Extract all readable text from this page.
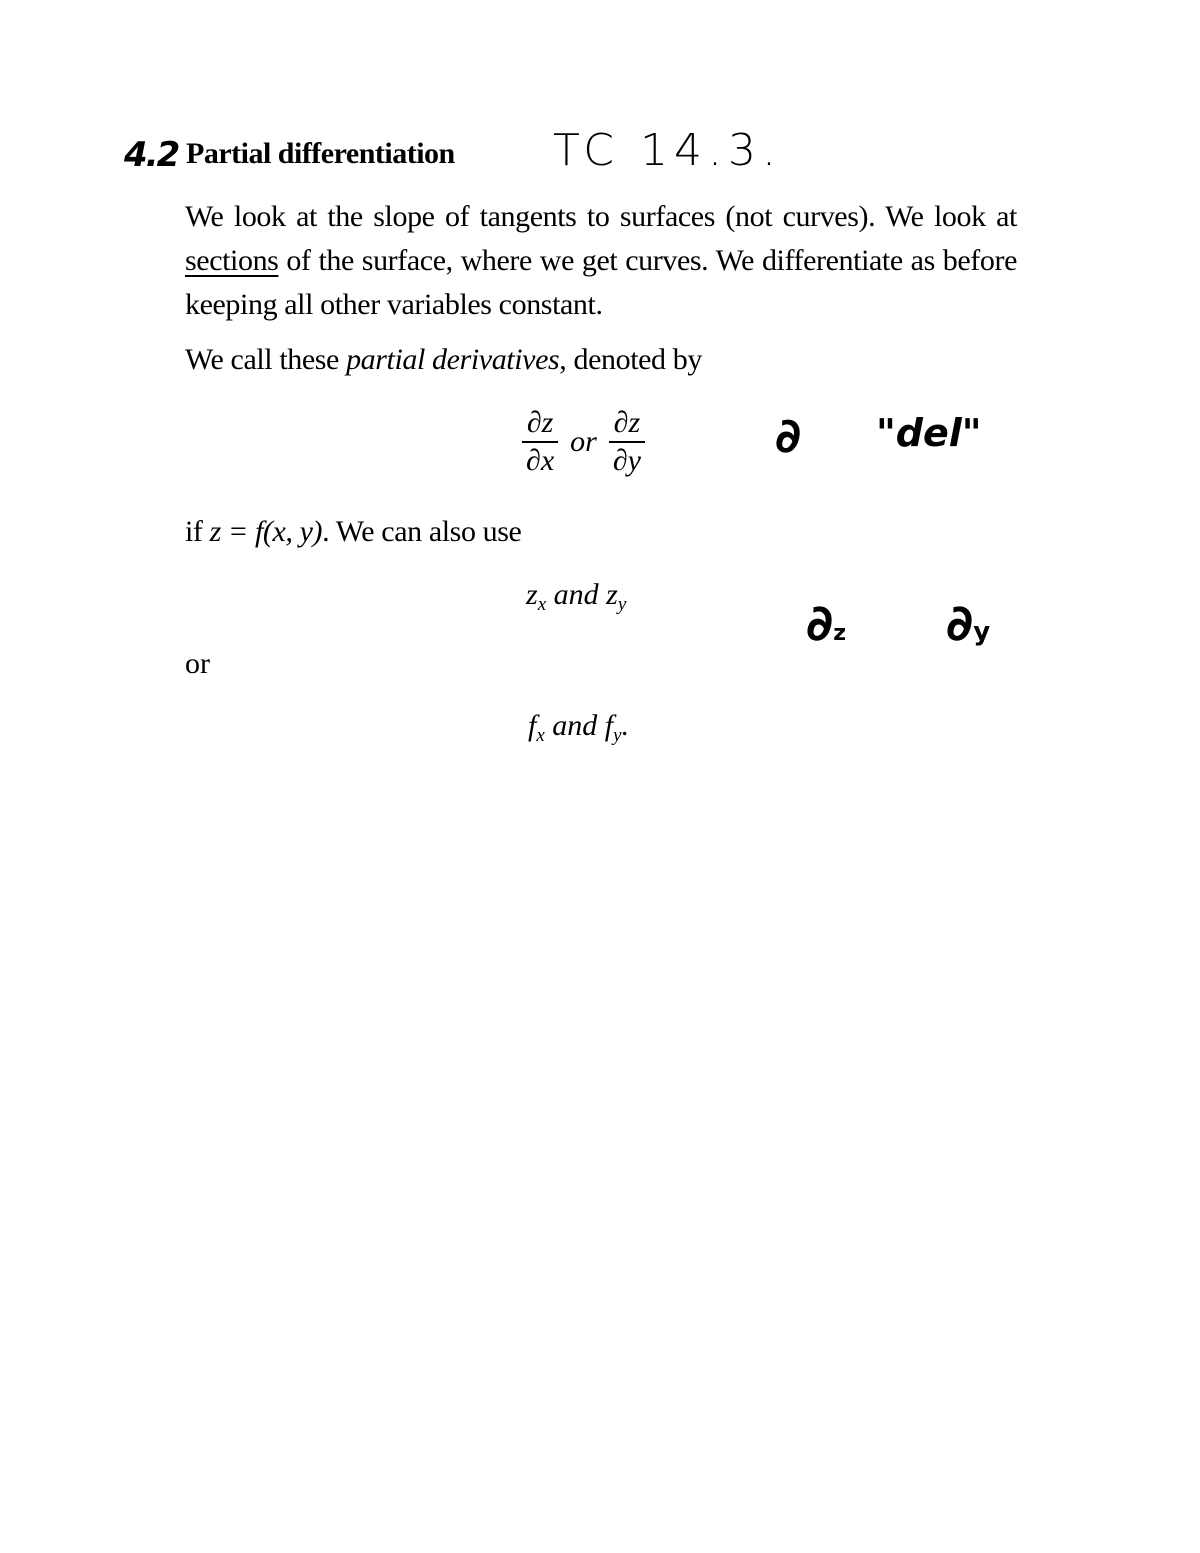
4.2 Partial differentiation TC 14.3.

We look at the slope of tangents to surfaces (not curves). We look at sections of the surface, where we get curves. We differentiate as before keeping all other variables constant.

We call these partial derivatives, denoted by
$\frac{\partial z}{\partial x}$ or $\frac{\partial z}{\partial y}$	∂ "del"
if z = f(x, y). We can also use
$z_x$ and $z_y$	∂z ∂y
or
$f_x$ and $f_y$.
